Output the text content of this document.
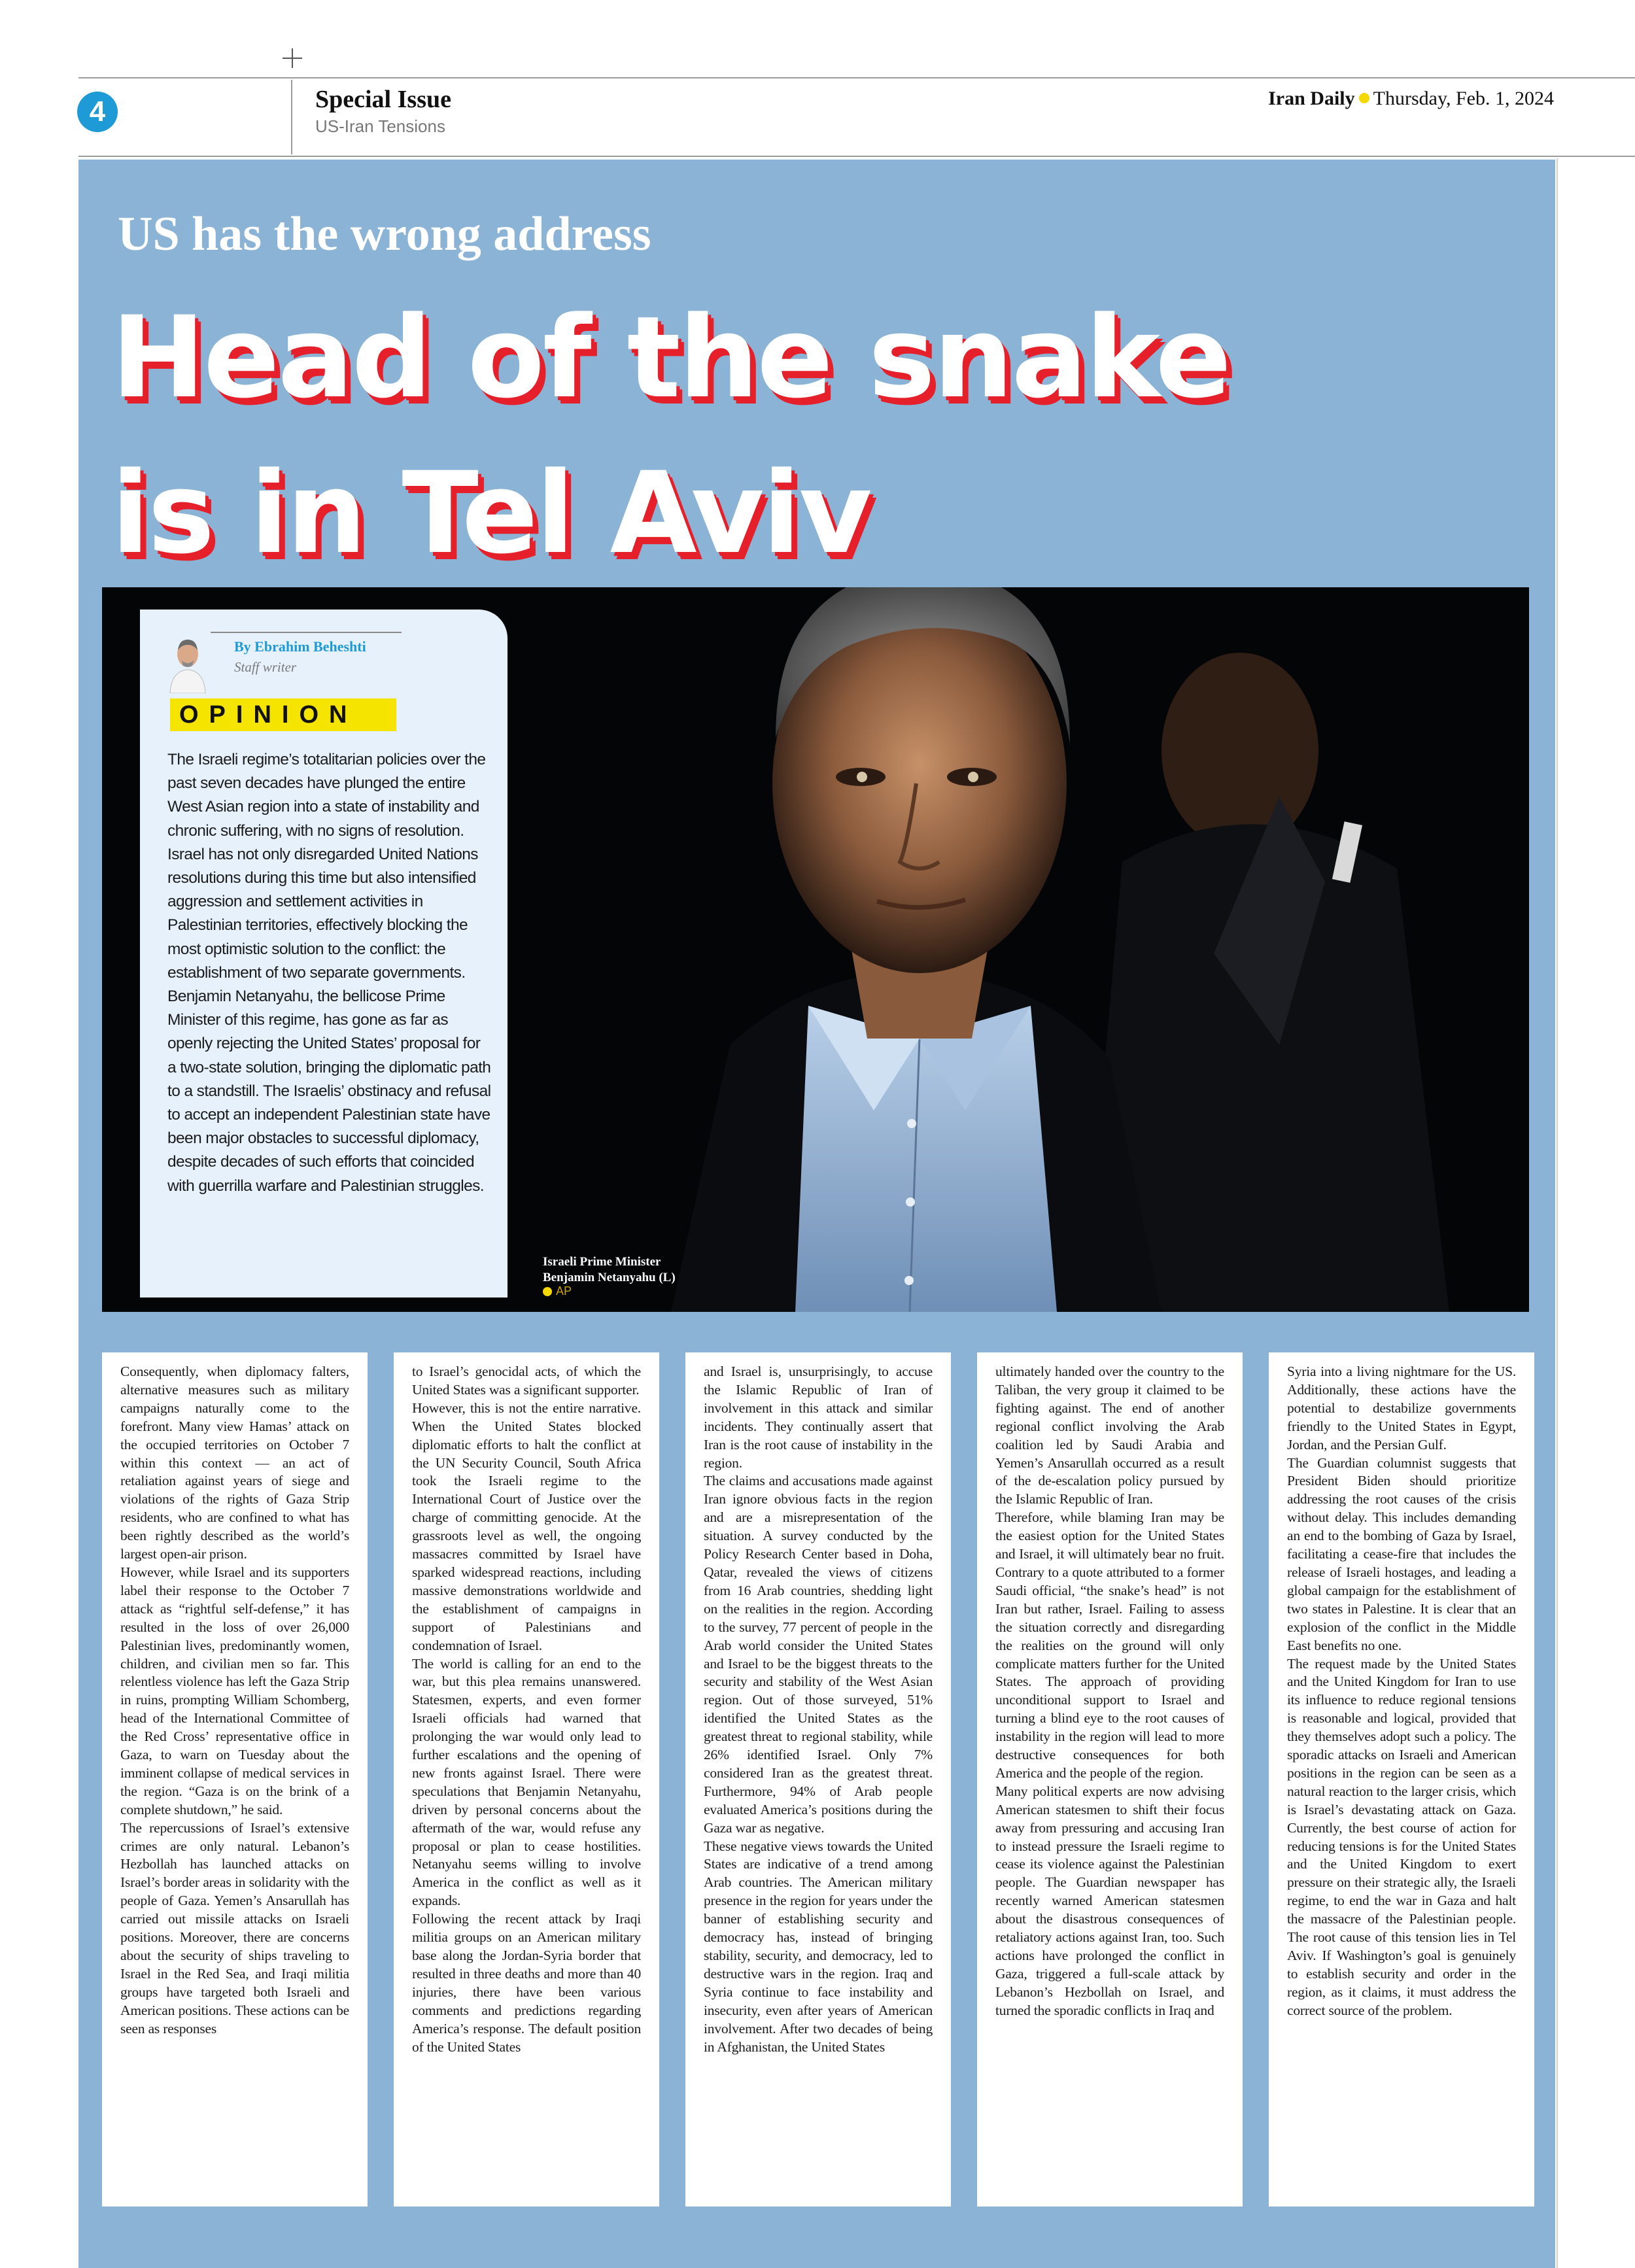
4	Special Issue
US-Iran Tensions
Iran Daily Thursday, Feb. 1, 2024
Israeli Prime Minister
Benjamin Netanyahu (L)
AP
US has the wrong address
Head of the snake
is in Tel Aviv
By Ebrahim Beheshti
Staff writer
OPINION

The Israeli regime’s totalitarian policies over the past seven decades have plunged the entire West Asian region into a state of instability and chronic suffering, with no signs of resolution. Israel has not only disregarded United Nations resolutions during this time but also intensified aggression and settlement activities in Palestinian territories, effectively blocking the most optimistic solution to the conflict: the establishment of two separate governments.

Benjamin Netanyahu, the bellicose Prime Minister of this regime, has gone as far as openly rejecting the United States’ proposal for a two-state solution, bringing the diplomatic path to a standstill. The Israelis’ obstinacy and refusal to accept an independent Palestinian state have been major obstacles to successful diplomacy, despite decades of such efforts that coincided with guerrilla warfare and Palestinian struggles.

Consequently, when diplomacy falters, alternative measures such as military campaigns naturally come to the forefront. Many view Hamas’ attack on the occupied territories on October 7 within this context — an act of retaliation against years of siege and violations of the rights of Gaza Strip residents, who are confined to what has been rightly described as the world’s largest open-air prison.

However, while Israel and its supporters label their response to the October 7 attack as “rightful self-defense,” it has resulted in the loss of over 26,000 Palestinian lives, predominantly women, children, and civilian men so far. This relentless violence has left the Gaza Strip in ruins, prompting William Schomberg, head of the International Committee of the Red Cross’ representative office in Gaza, to warn on Tuesday about the imminent collapse of medical services in the region. “Gaza is on the brink of a complete shutdown,” he said.

The repercussions of Israel’s extensive crimes are only natural. Lebanon’s Hezbollah has launched attacks on Israel’s border areas in solidarity with the people of Gaza. Yemen’s Ansarullah has carried out missile attacks on Israeli positions. Moreover, there are concerns about the security of ships traveling to Israel in the Red Sea, and Iraqi militia groups have targeted both Israeli and American positions. These actions can be seen as responses

to Israel’s genocidal acts, of which the United States was a significant supporter.

However, this is not the entire narrative. When the United States blocked diplomatic efforts to halt the conflict at the UN Security Council, South Africa took the Israeli regime to the International Court of Justice over the charge of committing genocide. At the grassroots level as well, the ongoing massacres committed by Israel have sparked widespread reactions, including massive demonstrations worldwide and the establishment of campaigns in support of Palestinians and condemnation of Israel.

The world is calling for an end to the war, but this plea remains unanswered. Statesmen, experts, and even former Israeli officials had warned that prolonging the war would only lead to further escalations and the opening of new fronts against Israel. There were speculations that Benjamin Netanyahu, driven by personal concerns about the aftermath of the war, would refuse any proposal or plan to cease hostilities. Netanyahu seems willing to involve America in the conflict as well as it expands.

Following the recent attack by Iraqi militia groups on an American military base along the Jordan-Syria border that resulted in three deaths and more than 40 injuries, there have been various comments and predictions regarding America’s response. The default position of the United States

and Israel is, unsurprisingly, to accuse the Islamic Republic of Iran of involvement in this attack and similar incidents. They continually assert that Iran is the root cause of instability in the region.

The claims and accusations made against Iran ignore obvious facts in the region and are a misrepresentation of the situation. A survey conducted by the Policy Research Center based in Doha, Qatar, revealed the views of citizens from 16 Arab countries, shedding light on the realities in the region. According to the survey, 77 percent of people in the Arab world consider the United States and Israel to be the biggest threats to the security and stability of the West Asian region. Out of those surveyed, 51% identified the United States as the greatest threat to regional stability, while 26% identified Israel. Only 7% considered Iran as the greatest threat. Furthermore, 94% of Arab people evaluated America’s positions during the Gaza war as negative.

These negative views towards the United States are indicative of a trend among Arab countries. The American military presence in the region for years under the banner of establishing security and democracy has, instead of bringing stability, security, and democracy, led to destructive wars in the region. Iraq and Syria continue to face instability and insecurity, even after years of American involvement. After two decades of being in Afghanistan, the United States

ultimately handed over the country to the Taliban, the very group it claimed to be fighting against. The end of another regional conflict involving the Arab coalition led by Saudi Arabia and Yemen’s Ansarullah occurred as a result of the de-escalation policy pursued by the Islamic Republic of Iran.

Therefore, while blaming Iran may be the easiest option for the United States and Israel, it will ultimately bear no fruit. Contrary to a quote attributed to a former Saudi official, “the snake’s head” is not Iran but rather, Israel. Failing to assess the situation correctly and disregarding the realities on the ground will only complicate matters further for the United States. The approach of providing unconditional support to Israel and turning a blind eye to the root causes of instability in the region will lead to more destructive consequences for both America and the people of the region.

Many political experts are now advising American statesmen to shift their focus away from pressuring and accusing Iran to instead pressure the Israeli regime to cease its violence against the Palestinian people. The Guardian newspaper has recently warned American statesmen about the disastrous consequences of retaliatory actions against Iran, too. Such actions have prolonged the conflict in Gaza, triggered a full-scale attack by Lebanon’s Hezbollah on Israel, and turned the sporadic conflicts in Iraq and

Syria into a living nightmare for the US. Additionally, these actions have the potential to destabilize governments friendly to the United States in Egypt, Jordan, and the Persian Gulf.

The Guardian columnist suggests that President Biden should prioritize addressing the root causes of the crisis without delay. This includes demanding an end to the bombing of Gaza by Israel, facilitating a cease-fire that includes the release of Israeli hostages, and leading a global campaign for the establishment of two states in Palestine. It is clear that an explosion of the conflict in the Middle East benefits no one.

The request made by the United States and the United Kingdom for Iran to use its influence to reduce regional tensions is reasonable and logical, provided that they themselves adopt such a policy. The sporadic attacks on Israeli and American positions in the region can be seen as a natural reaction to the larger crisis, which is Israel’s devastating attack on Gaza. Currently, the best course of action for reducing tensions is for the United States and the United Kingdom to exert pressure on their strategic ally, the Israeli regime, to end the war in Gaza and halt the massacre of the Palestinian people. The root cause of this tension lies in Tel Aviv. If Washington’s goal is genuinely to establish security and order in the region, as it claims, it must address the correct source of the problem.
